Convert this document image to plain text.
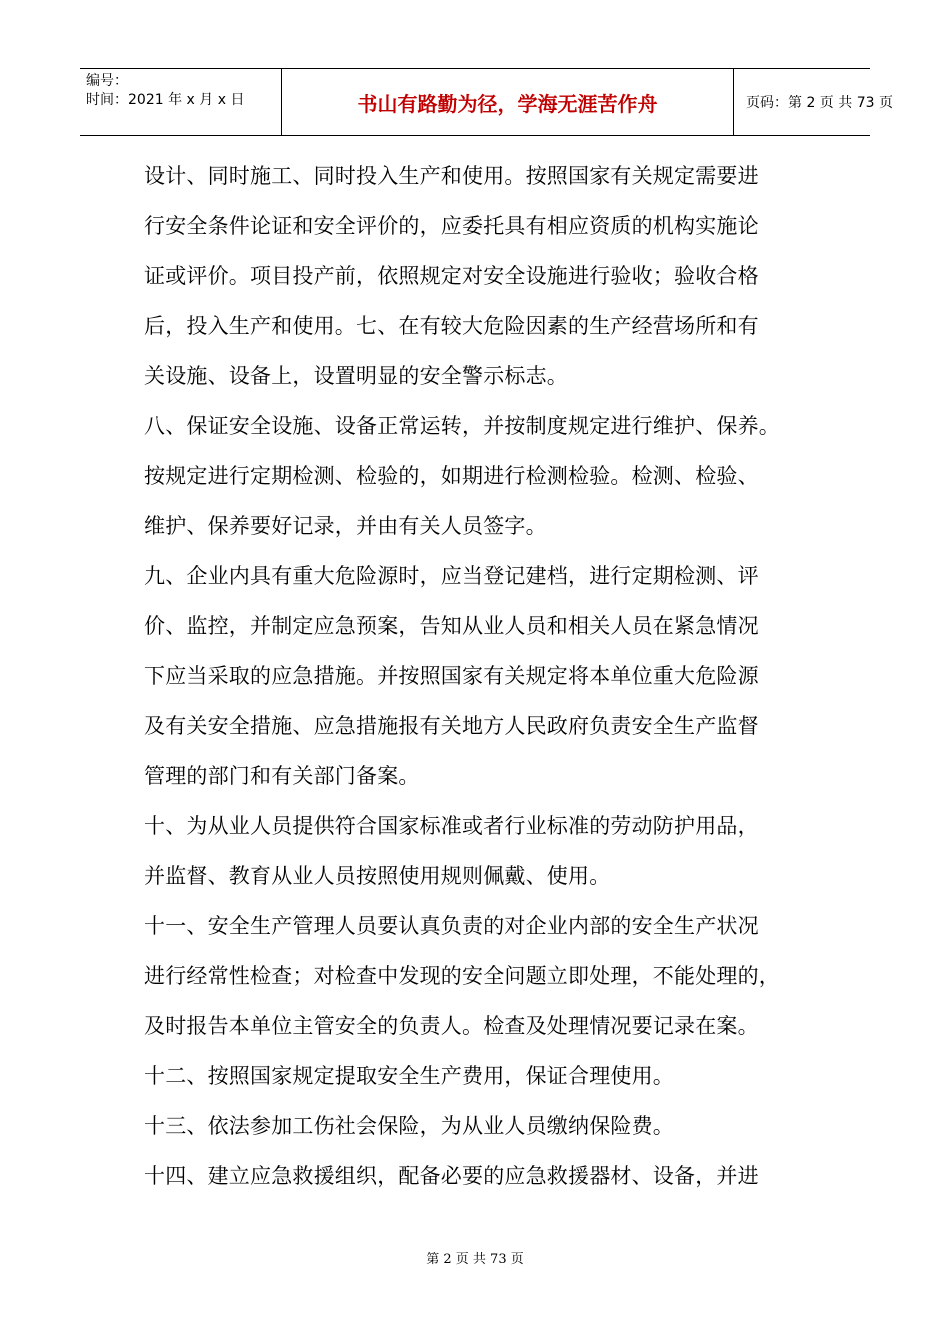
编号：
时间：2021 年 x 月 x 日	书山有路勤为径，学海无涯苦作舟	页码：第 2 页 共 73 页
设计、同时施工、同时投入生产和使用。按照国家有关规定需要进
行安全条件论证和安全评价的，应委托具有相应资质的机构实施论
证或评价。项目投产前，依照规定对安全设施进行验收；验收合格
后，投入生产和使用。七、在有较大危险因素的生产经营场所和有
关设施、设备上，设置明显的安全警示标志。
八、保证安全设施、设备正常运转，并按制度规定进行维护、保养。
按规定进行定期检测、检验的，如期进行检测检验。检测、检验、
维护、保养要好记录，并由有关人员签字。
九、企业内具有重大危险源时，应当登记建档，进行定期检测、评
价、监控，并制定应急预案，告知从业人员和相关人员在紧急情况
下应当采取的应急措施。并按照国家有关规定将本单位重大危险源
及有关安全措施、应急措施报有关地方人民政府负责安全生产监督
管理的部门和有关部门备案。
十、为从业人员提供符合国家标准或者行业标准的劳动防护用品，
并监督、教育从业人员按照使用规则佩戴、使用。
十一、安全生产管理人员要认真负责的对企业内部的安全生产状况
进行经常性检查；对检查中发现的安全问题立即处理，不能处理的，
及时报告本单位主管安全的负责人。检查及处理情况要记录在案。
十二、按照国家规定提取安全生产费用，保证合理使用。
十三、依法参加工伤社会保险，为从业人员缴纳保险费。
十四、建立应急救援组织，配备必要的应急救援器材、设备，并进
第 2 页 共 73 页
